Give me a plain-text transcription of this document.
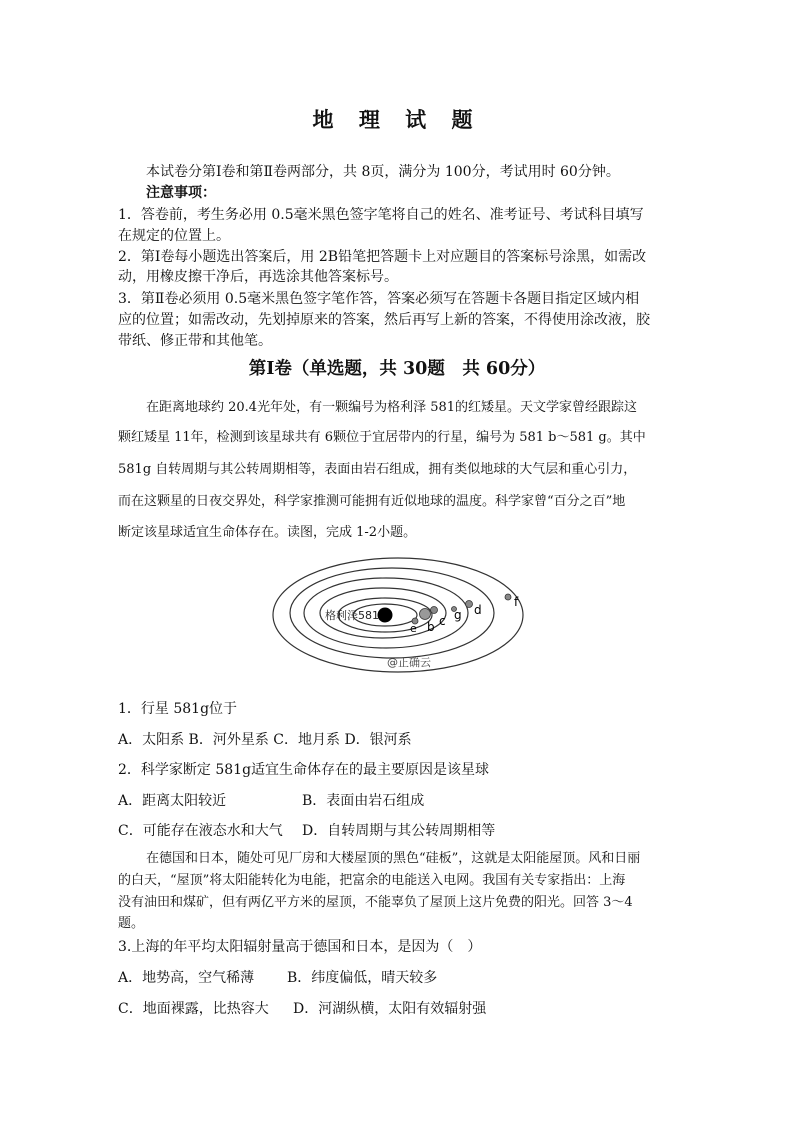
地 理 试 题
本试卷分第Ⅰ卷和第Ⅱ卷两部分，共 8页，满分为 100分，考试用时 60分钟。
注意事项：
1．答卷前，考生务必用 0.5毫米黑色签字笔将自己的姓名、准考证号、考试科目填写
在规定的位置上。
2．第Ⅰ卷每小题选出答案后，用 2B铅笔把答题卡上对应题目的答案标号涂黑，如需改
动，用橡皮擦干净后，再选涂其他答案标号。
3．第Ⅱ卷必须用 0.5毫米黑色签字笔作答，答案必须写在答题卡各题目指定区域内相
应的位置；如需改动，先划掉原来的答案，然后再写上新的答案，不得使用涂改液，胶
带纸、修正带和其他笔。
第Ⅰ卷（单选题，共 30题　共 60分）
在距离地球约 20.4光年处，有一颗编号为格利泽 581的红矮星。天文学家曾经跟踪这
颗红矮星 11年，检测到该星球共有 6颗位于宜居带内的行星，编号为 581 b～581 g。其中
581g 自转周期与其公转周期相等，表面由岩石组成，拥有类似地球的大气层和重心引力，
而在这颗星的日夜交界处，科学家推测可能拥有近似地球的温度。科学家曾“百分之百”地
断定该星球适宜生命体存在。读图，完成 1-2小题。
格利泽581
e b c g d
f
@正确云
1．行星 581g位于
A．太阳系 B．河外星系 C．地月系 D．银河系
2．科学家断定 581g适宜生命体存在的最主要原因是该星球
A．距离太阳较近	B．表面由岩石组成
C．可能存在液态水和大气 D．自转周期与其公转周期相等
在德国和日本，随处可见厂房和大楼屋顶的黑色“硅板”，这就是太阳能屋顶。风和日丽
的白天，“屋顶”将太阳能转化为电能，把富余的电能送入电网。我国有关专家指出：上海
没有油田和煤矿，但有两亿平方米的屋顶，不能辜负了屋顶上这片免费的阳光。回答 3～4
题。
3.上海的年平均太阳辐射量高于德国和日本，是因为（　）
A．地势高，空气稀薄 B．纬度偏低，晴天较多
C．地面裸露，比热容大 D．河湖纵横，太阳有效辐射强
